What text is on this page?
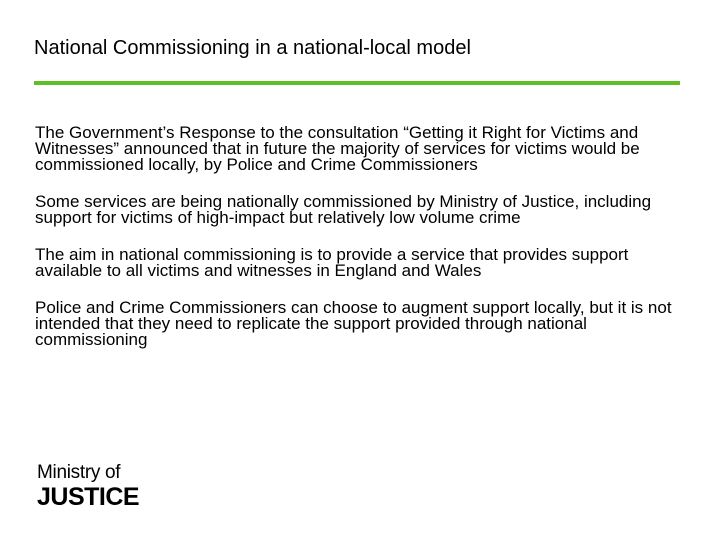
National Commissioning in a national-local model
The Government’s Response to the consultation “Getting it Right for Victims and Witnesses” announced that in future the majority of services for victims would be commissioned locally, by Police and Crime Commissioners
Some services are being nationally commissioned by Ministry of Justice, including support for victims of high-impact but relatively low volume crime
The aim in national commissioning is to provide a service that provides support available to all victims and witnesses in England and Wales
Police and Crime Commissioners can choose to augment support locally, but it is not intended that they need to replicate the support provided through national commissioning
Ministry of
JUSTICE
